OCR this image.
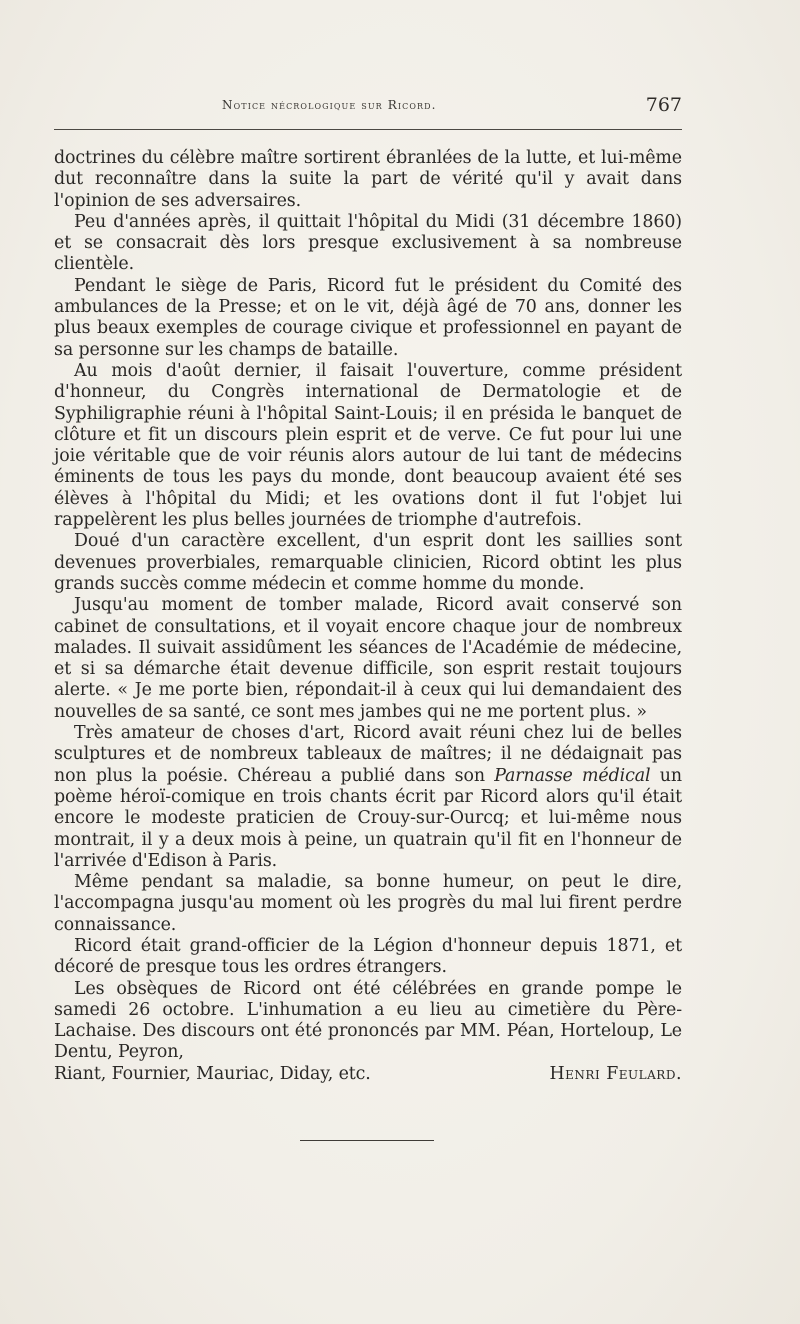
Notice nécrologique sur Ricord.	767

doctrines du célèbre maître sortirent ébranlées de la lutte, et lui-même dut reconnaître dans la suite la part de vérité qu'il y avait dans l'opinion de ses adversaires.

Peu d'années après, il quittait l'hôpital du Midi (31 décembre 1860) et se consacrait dès lors presque exclusivement à sa nombreuse clientèle.

Pendant le siège de Paris, Ricord fut le président du Comité des ambulances de la Presse; et on le vit, déjà âgé de 70 ans, donner les plus beaux exemples de courage civique et professionnel en payant de sa personne sur les champs de bataille.

Au mois d'août dernier, il faisait l'ouverture, comme président d'honneur, du Congrès international de Dermatologie et de Syphiligraphie réuni à l'hôpital Saint-Louis; il en présida le banquet de clôture et fit un discours plein esprit et de verve. Ce fut pour lui une joie véritable que de voir réunis alors autour de lui tant de médecins éminents de tous les pays du monde, dont beaucoup avaient été ses élèves à l'hôpital du Midi; et les ovations dont il fut l'objet lui rappelèrent les plus belles journées de triomphe d'autrefois.

Doué d'un caractère excellent, d'un esprit dont les saillies sont devenues proverbiales, remarquable clinicien, Ricord obtint les plus grands succès comme médecin et comme homme du monde.

Jusqu'au moment de tomber malade, Ricord avait conservé son cabinet de consultations, et il voyait encore chaque jour de nombreux malades. Il suivait assidûment les séances de l'Académie de médecine, et si sa démarche était devenue difficile, son esprit restait toujours alerte. « Je me porte bien, répondait-il à ceux qui lui demandaient des nouvelles de sa santé, ce sont mes jambes qui ne me portent plus. »

Très amateur de choses d'art, Ricord avait réuni chez lui de belles sculptures et de nombreux tableaux de maîtres; il ne dédaignait pas non plus la poésie. Chéreau a publié dans son Parnasse médical un poème héroï-comique en trois chants écrit par Ricord alors qu'il était encore le modeste praticien de Crouy-sur-Ourcq; et lui-même nous montrait, il y a deux mois à peine, un quatrain qu'il fit en l'honneur de l'arrivée d'Edison à Paris.

Même pendant sa maladie, sa bonne humeur, on peut le dire, l'accompagna jusqu'au moment où les progrès du mal lui firent perdre connaissance.

Ricord était grand-officier de la Légion d'honneur depuis 1871, et décoré de presque tous les ordres étrangers.

Les obsèques de Ricord ont été célébrées en grande pompe le samedi 26 octobre. L'inhumation a eu lieu au cimetière du Père-Lachaise. Des discours ont été prononcés par MM. Péan, Horteloup, Le Dentu, Peyron,

Riant, Fournier, Mauriac, Diday, etc.	Henri Feulard.
